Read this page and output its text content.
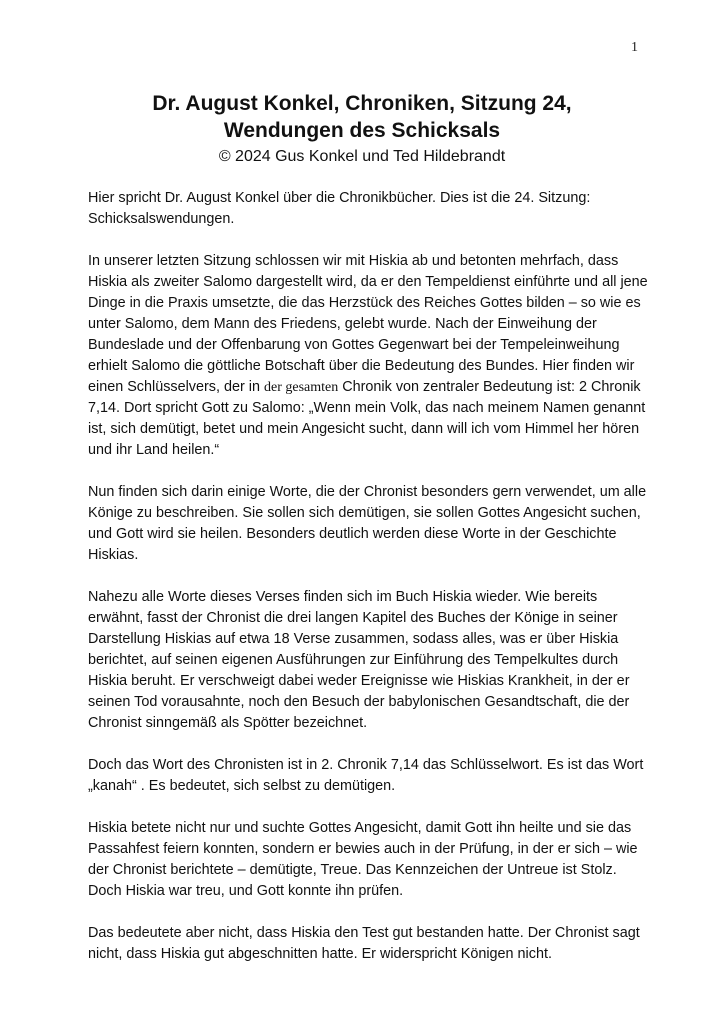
1
Dr. August Konkel, Chroniken, Sitzung 24,
Wendungen des Schicksals
© 2024 Gus Konkel und Ted Hildebrandt

Hier spricht Dr. August Konkel über die Chronikbücher. Dies ist die 24. Sitzung: Schicksalswendungen.

In unserer letzten Sitzung schlossen wir mit Hiskia ab und betonten mehrfach, dass Hiskia als zweiter Salomo dargestellt wird, da er den Tempeldienst einführte und all jene Dinge in die Praxis umsetzte, die das Herzstück des Reiches Gottes bilden – so wie es unter Salomo, dem Mann des Friedens, gelebt wurde. Nach der Einweihung der Bundeslade und der Offenbarung von Gottes Gegenwart bei der Tempeleinweihung erhielt Salomo die göttliche Botschaft über die Bedeutung des Bundes. Hier finden wir einen Schlüsselvers, der in der gesamten Chronik von zentraler Bedeutung ist: 2 Chronik 7,14. Dort spricht Gott zu Salomo: „Wenn mein Volk, das nach meinem Namen genannt ist, sich demütigt, betet und mein Angesicht sucht, dann will ich vom Himmel her hören und ihr Land heilen.“

Nun finden sich darin einige Worte, die der Chronist besonders gern verwendet, um alle Könige zu beschreiben. Sie sollen sich demütigen, sie sollen Gottes Angesicht suchen, und Gott wird sie heilen. Besonders deutlich werden diese Worte in der Geschichte Hiskias.

Nahezu alle Worte dieses Verses finden sich im Buch Hiskia wieder. Wie bereits erwähnt, fasst der Chronist die drei langen Kapitel des Buches der Könige in seiner Darstellung Hiskias auf etwa 18 Verse zusammen, sodass alles, was er über Hiskia berichtet, auf seinen eigenen Ausführungen zur Einführung des Tempelkultes durch Hiskia beruht. Er verschweigt dabei weder Ereignisse wie Hiskias Krankheit, in der er seinen Tod vorausahnte, noch den Besuch der babylonischen Gesandtschaft, die der Chronist sinngemäß als Spötter bezeichnet.

Doch das Wort des Chronisten ist in 2. Chronik 7,14 das Schlüsselwort. Es ist das Wort „kanah“ . Es bedeutet, sich selbst zu demütigen.

Hiskia betete nicht nur und suchte Gottes Angesicht, damit Gott ihn heilte und sie das Passahfest feiern konnten, sondern er bewies auch in der Prüfung, in der er sich – wie der Chronist berichtete – demütigte, Treue. Das Kennzeichen der Untreue ist Stolz. Doch Hiskia war treu, und Gott konnte ihn prüfen.

Das bedeutete aber nicht, dass Hiskia den Test gut bestanden hatte. Der Chronist sagt nicht, dass Hiskia gut abgeschnitten hatte. Er widerspricht Königen nicht.
